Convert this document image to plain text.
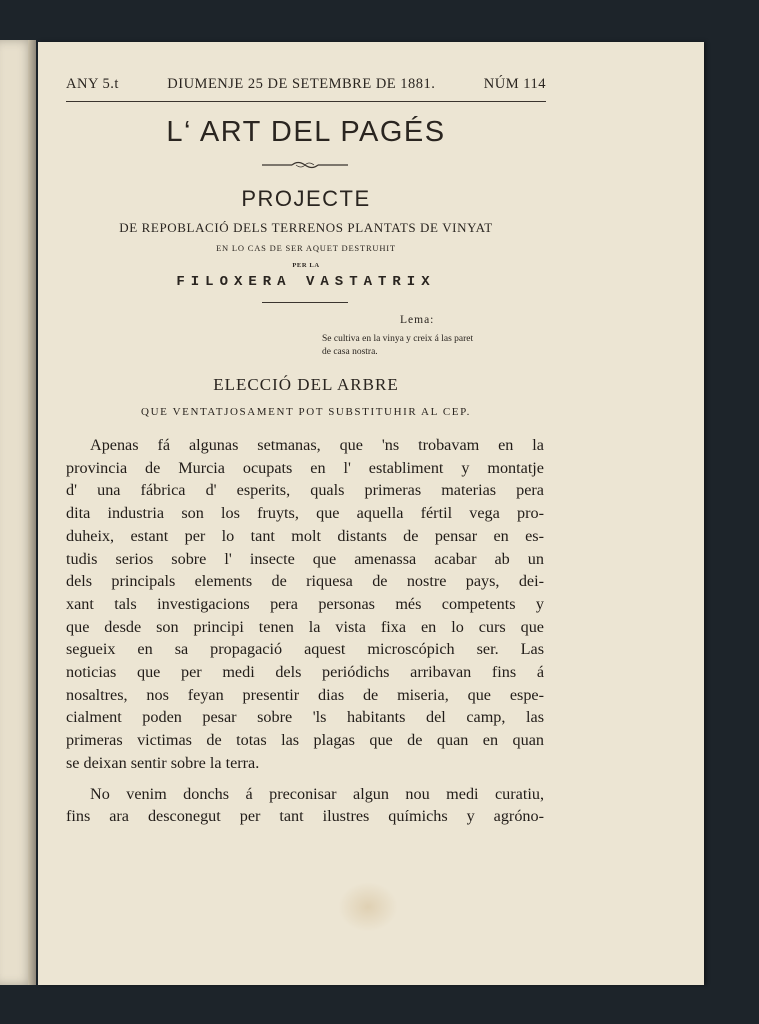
ANY 5.t	DIUMENJE 25 DE SETEMBRE DE 1881.	NÚM 114
L‘ ART DEL PAGÉS
PROJECTE
DE REPOBLACIÓ DELS TERRENOS PLANTATS DE VINYAT
EN LO CAS DE SER AQUET DESTRUHIT
PER LA
FILOXERA VASTATRIX
Lema:
Se cultiva en la vinya y creix á las paret
de casa nostra.
ELECCIÓ DEL ARBRE
QUE VENTATJOSAMENT POT SUBSTITUHIR AL CEP.
Apenas fá algunas setmanas, que 'ns trobavam en la
provincia de Murcia ocupats en l' establiment y montatje
d' una fábrica d' esperits, quals primeras materias pera
dita industria son los fruyts, que aquella fértil vega pro-
duheix, estant per lo tant molt distants de pensar en es-
tudis serios sobre l' insecte que amenassa acabar ab un
dels principals elements de riquesa de nostre pays, dei-
xant tals investigacions pera personas més competents y
que desde son principi tenen la vista fixa en lo curs que
segueix en sa propagació aquest microscópich ser. Las
noticias que per medi dels periódichs arribavan fins á
nosaltres, nos feyan presentir dias de miseria, que espe-
cialment poden pesar sobre 'ls habitants del camp, las
primeras victimas de totas las plagas que de quan en quan
se deixan sentir sobre la terra.
No venim donchs á preconisar algun nou medi curatiu,
fins ara desconegut per tant ilustres químichs y agróno-
